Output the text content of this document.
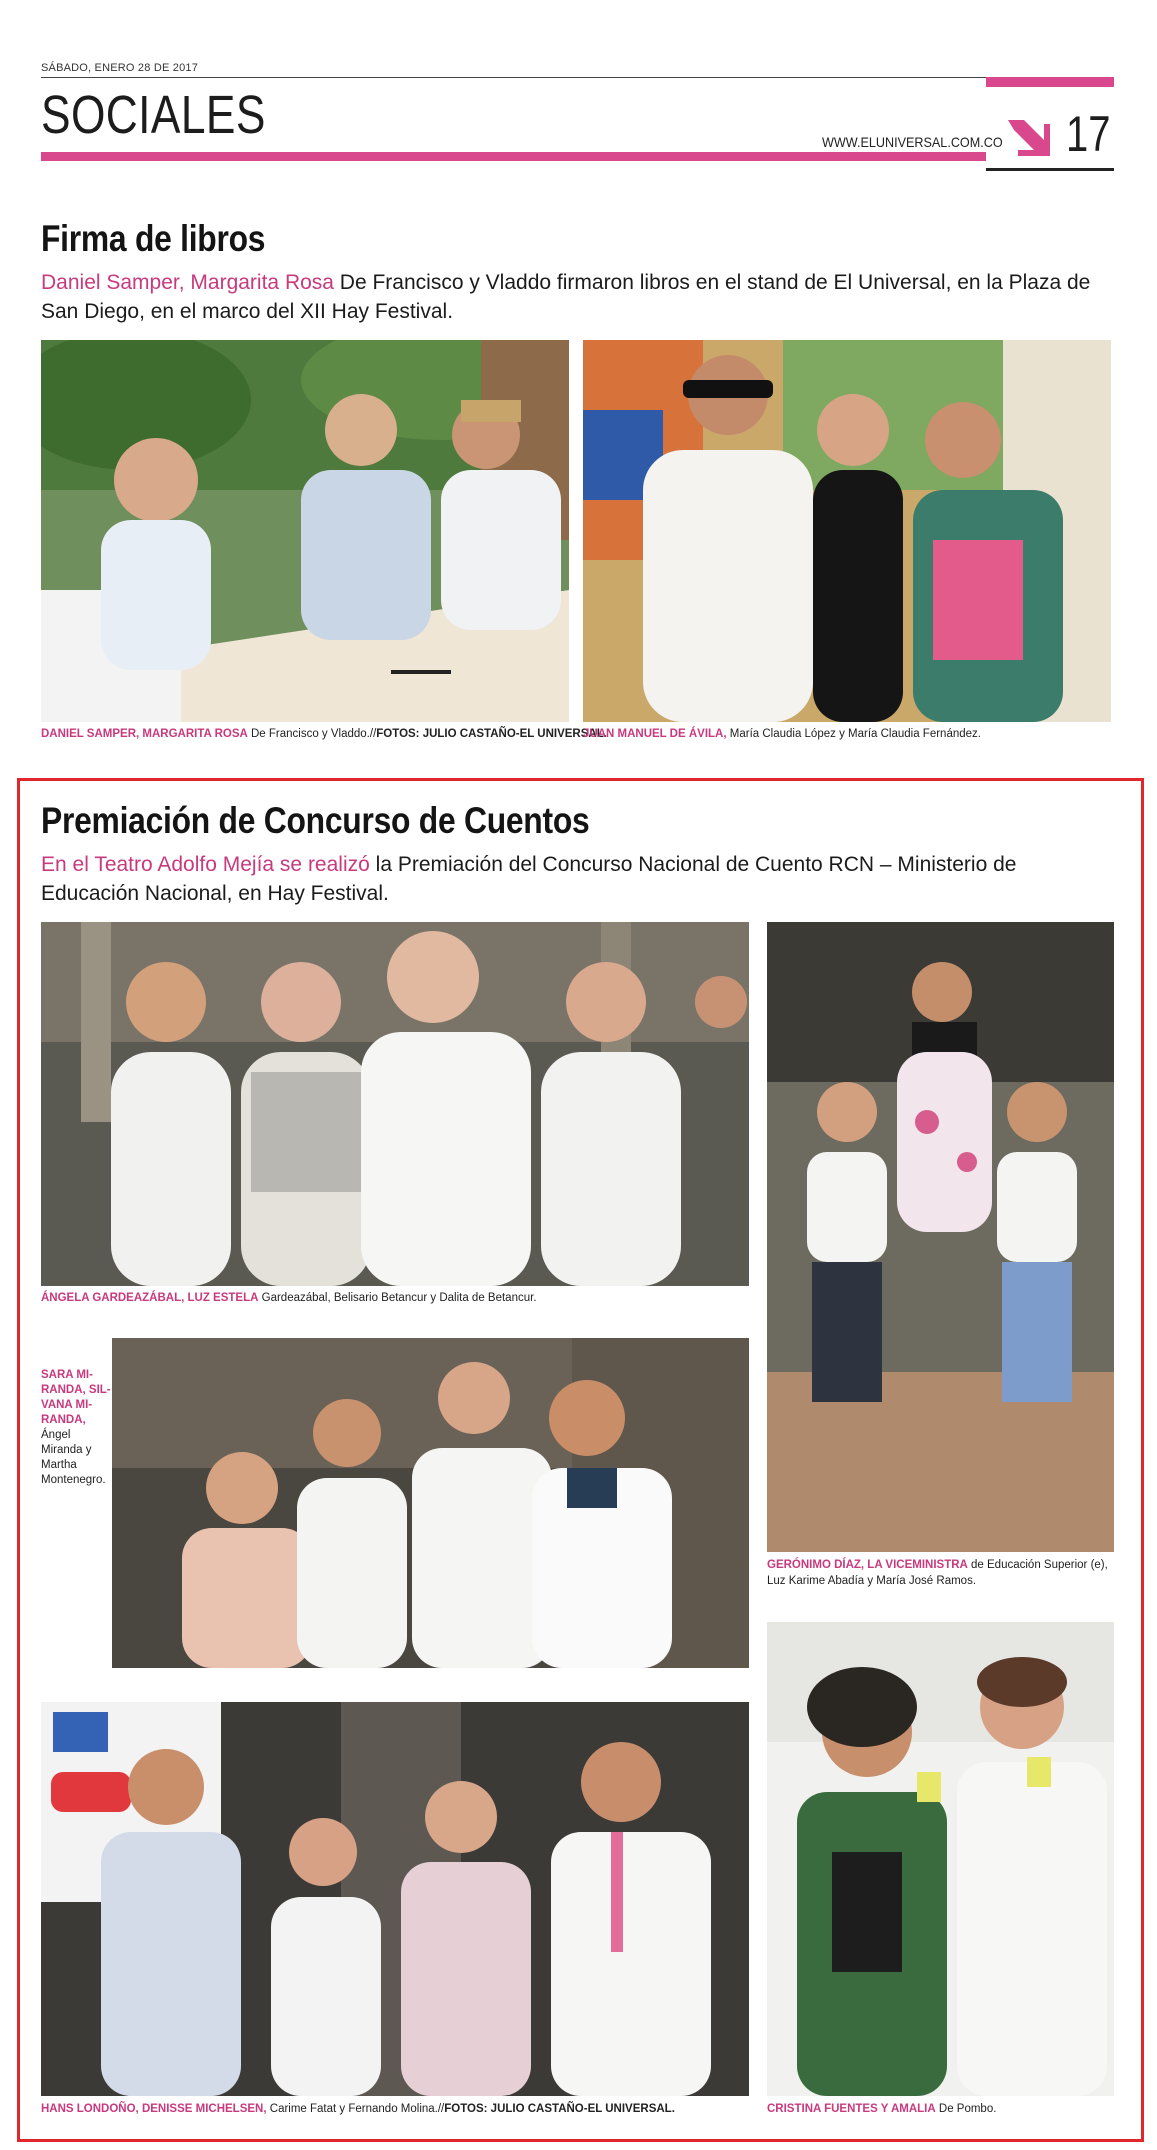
SÁBADO, ENERO 28 DE 2017
SOCIALES	WWW.ELUNIVERSAL.COM.CO 17
Firma de libros
Daniel Samper, Margarita Rosa De Francisco y Vladdo firmaron libros en el stand de El Universal, en la Plaza de San Diego, en el marco del XII Hay Festival.
DANIEL SAMPER, MARGARITA ROSA De Francisco y Vladdo.//FOTOS: JULIO CASTAÑO-EL UNIVERSAL.
JUAN MANUEL DE ÁVILA, María Claudia López y María Claudia Fernández.
Premiación de Concurso de Cuentos
En el Teatro Adolfo Mejía se realizó la Premiación del Concurso Nacional de Cuento RCN – Ministerio de Educación Nacional, en Hay Festival.
ÁNGELA GARDEAZÁBAL, LUZ ESTELA Gardeazábal, Belisario Betancur y Dalita de Betancur.
GERÓNIMO DÍAZ, LA VICEMINISTRA de Educación Superior (e), Luz Karime Abadía y María José Ramos.
SARA MI-RANDA, SIL-VANA MI-RANDA, Ángel Miranda y Martha Montenegro.
HANS LONDOÑO, DENISSE MICHELSEN, Carime Fatat y Fernando Molina.//FOTOS: JULIO CASTAÑO-EL UNIVERSAL.	CRISTINA FUENTES Y AMALIA De Pombo.
